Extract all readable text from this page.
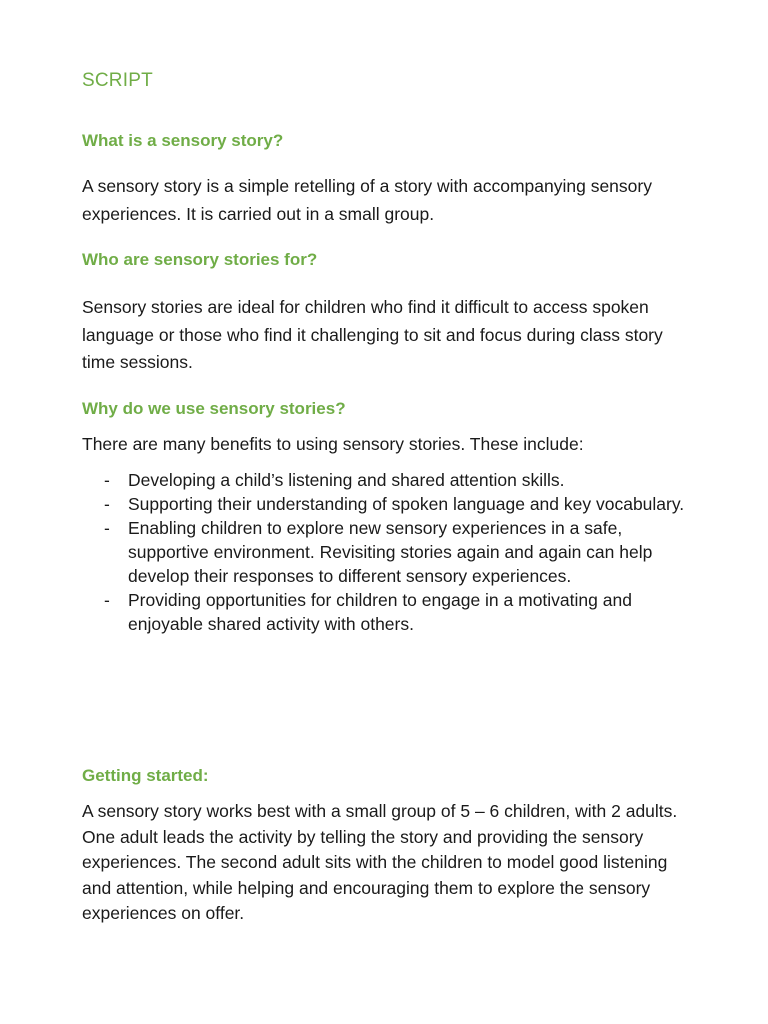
SCRIPT
What is a sensory story?
A sensory story is a simple retelling of a story with accompanying sensory experiences. It is carried out in a small group.
Who are sensory stories for?
Sensory stories are ideal for children who find it difficult to access spoken language or those who find it challenging to sit and focus during class story time sessions.
Why do we use sensory stories?
There are many benefits to using sensory stories. These include:
- Developing a child’s listening and shared attention skills.
- Supporting their understanding of spoken language and key vocabulary.
- Enabling children to explore new sensory experiences in a safe, supportive environment. Revisiting stories again and again can help develop their responses to different sensory experiences.
- Providing opportunities for children to engage in a motivating and enjoyable shared activity with others.
Getting started:
A sensory story works best with a small group of 5 – 6 children, with 2 adults. One adult leads the activity by telling the story and providing the sensory experiences. The second adult sits with the children to model good listening and attention, while helping and encouraging them to explore the sensory experiences on offer.
